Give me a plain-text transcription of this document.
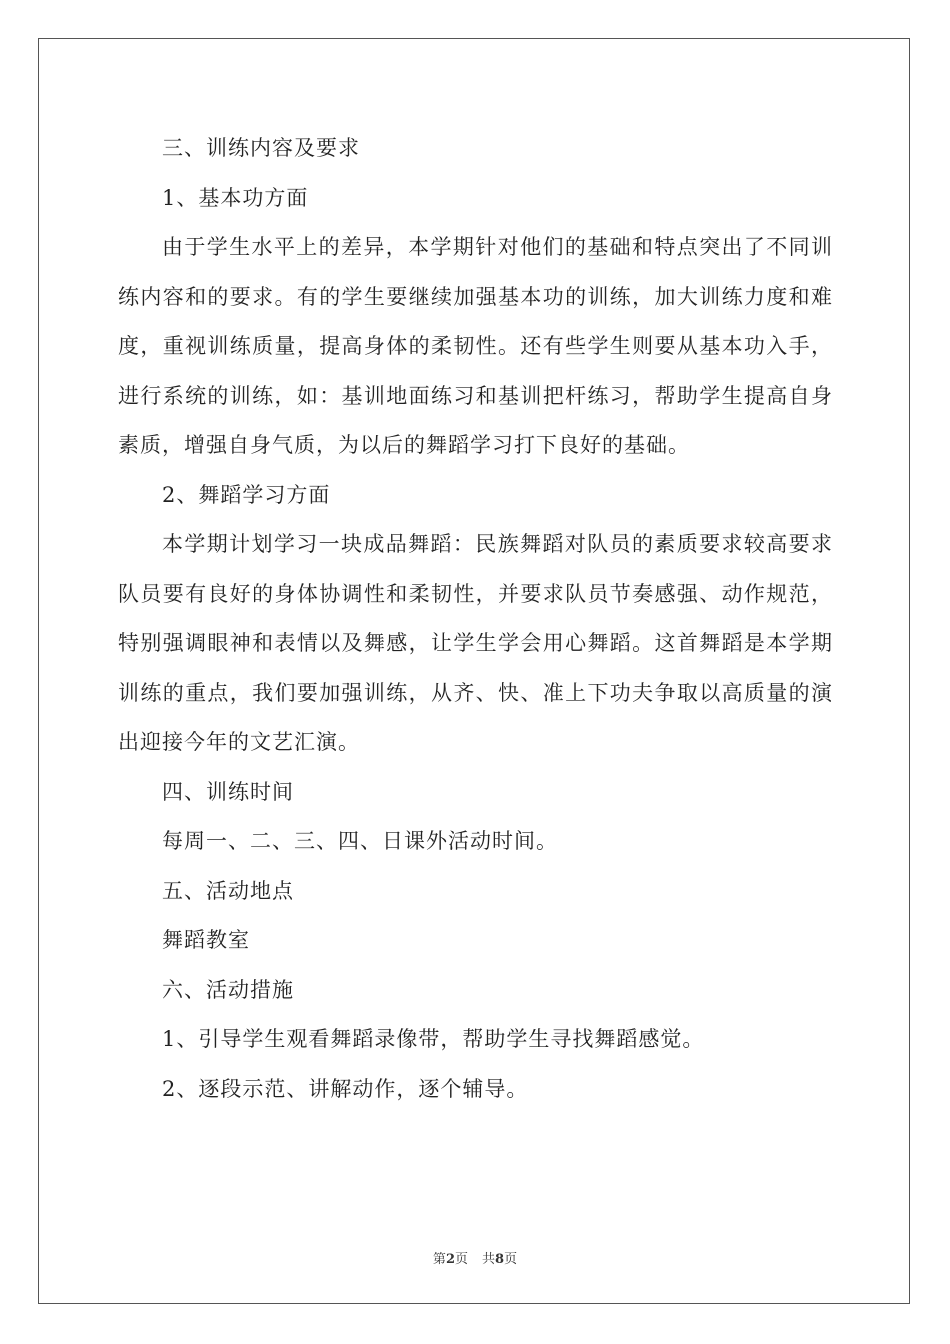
三、训练内容及要求

1、基本功方面

由于学生水平上的差异，本学期针对他们的基础和特点突出了不同训练内容和的要求。有的学生要继续加强基本功的训练，加大训练力度和难度，重视训练质量，提高身体的柔韧性。还有些学生则要从基本功入手，进行系统的训练，如：基训地面练习和基训把杆练习，帮助学生提高自身素质，增强自身气质，为以后的舞蹈学习打下良好的基础。

2、舞蹈学习方面

本学期计划学习一块成品舞蹈：民族舞蹈对队员的素质要求较高要求队员要有良好的身体协调性和柔韧性，并要求队员节奏感强、动作规范，特别强调眼神和表情以及舞感，让学生学会用心舞蹈。这首舞蹈是本学期训练的重点，我们要加强训练，从齐、快、准上下功夫争取以高质量的演出迎接今年的文艺汇演。

四、训练时间

每周一、二、三、四、日课外活动时间。

五、活动地点

舞蹈教室

六、活动措施

1、引导学生观看舞蹈录像带，帮助学生寻找舞蹈感觉。

2、逐段示范、讲解动作，逐个辅导。

第2页 共8页
